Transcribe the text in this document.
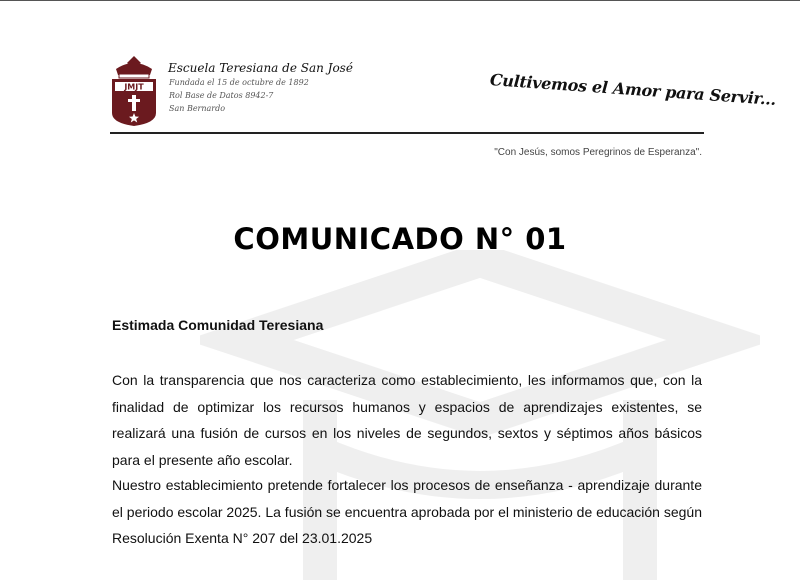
JMJT
Escuela Teresiana de San José
Fundada el 15 de octubre de 1892
Rol Base de Datos 8942-7
San Bernardo	Cultivemos el Amor para Servir...
"Con Jesús, somos Peregrinos de Esperanza".
COMUNICADO N° 01
Estimada Comunidad Teresiana
Con la transparencia que nos caracteriza como establecimiento, les informamos que, con la finalidad de optimizar los recursos humanos y espacios de aprendizajes existentes, se realizará una fusión de cursos en los niveles de segundos, sextos y séptimos años básicos para el presente año escolar.
Nuestro establecimiento pretende fortalecer los procesos de enseñanza - aprendizaje durante el periodo escolar 2025. La fusión se encuentra aprobada por el ministerio de educación según Resolución Exenta N° 207 del 23.01.2025
